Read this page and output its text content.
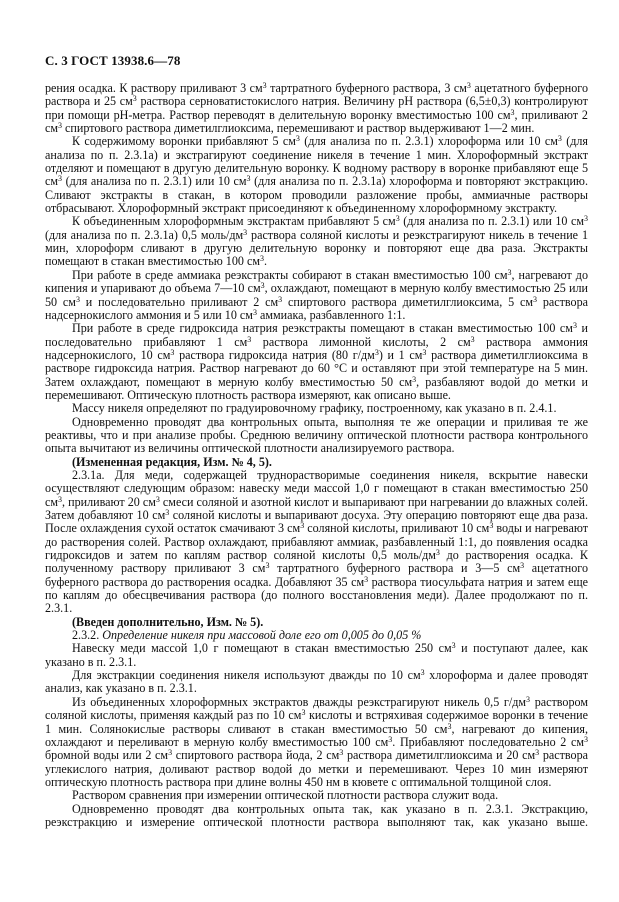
С. 3 ГОСТ 13938.6—78

рения осадка. К раствору приливают 3 $см^3$ тартратного буферного раствора, 3 $см^3$ ацетатного буферного раствора и 25 $см^3$ раствора серноватистокислого натрия. Величину pH раствора (6,5±0,3) контролируют при помощи pH-метра. Раствор переводят в делительную воронку вместимостью 100 $см^3$, приливают 2 $см^3$ спиртового раствора диметилглиоксима, перемешивают и раствор выдерживают 1—2 мин.

К содержимому воронки прибавляют 5 $см^3$ (для анализа по п. 2.3.1) хлороформа или 10 $см^3$ (для анализа по п. 2.3.1а) и экстрагируют соединение никеля в течение 1 мин. Хлороформный экстракт отделяют и помещают в другую делительную воронку. К водному раствору в воронке прибавляют еще 5 $см^3$ (для анализа по п. 2.3.1) или 10 $см^3$ (для анализа по п. 2.3.1а) хлороформа и повторяют экстракцию. Сливают экстракты в стакан, в котором проводили разложение пробы, аммиачные растворы отбрасывают. Хлороформный экстракт присоединяют к объединенному хлороформному экстракту.

К объединенным хлороформным экстрактам прибавляют 5 $см^3$ (для анализа по п. 2.3.1) или 10 $см^3$ (для анализа по п. 2.3.1а) 0,5 моль/$дм^3$ раствора соляной кислоты и реэкстрагируют никель в течение 1 мин, хлороформ сливают в другую делительную воронку и повторяют еще два раза. Экстракты помещают в стакан вместимостью 100 $см^3$.

При работе в среде аммиака реэкстракты собирают в стакан вместимостью 100 $см^3$, нагревают до кипения и упаривают до объема 7—10 $см^3$, охлаждают, помещают в мерную колбу вместимостью 25 или 50 $см^3$ и последовательно приливают 2 $см^3$ спиртового раствора диметилглиоксима, 5 $см^3$ раствора надсернокислого аммония и 5 или 10 $см^3$ аммиака, разбавленного 1:1.

При работе в среде гидроксида натрия реэкстракты помещают в стакан вместимостью 100 $см^3$ и последовательно прибавляют 1 $см^3$ раствора лимонной кислоты, 2 $см^3$ раствора аммония надсернокислого, 10 $см^3$ раствора гидроксида натрия (80 $г/дм^3$) и 1 $см^3$ раствора диметилглиоксима в растворе гидроксида натрия. Раствор нагревают до 60 °С и оставляют при этой температуре на 5 мин. Затем охлаждают, помещают в мерную колбу вместимостью 50 $см^3$, разбавляют водой до метки и перемешивают. Оптическую плотность раствора измеряют, как описано выше.

Массу никеля определяют по градуировочному графику, построенному, как указано в п. 2.4.1.

Одновременно проводят два контрольных опыта, выполняя те же операции и приливая те же реактивы, что и при анализе пробы. Среднюю величину оптической плотности раствора контрольного опыта вычитают из величины оптической плотности анализируемого раствора.

(Измененная редакция, Изм. № 4, 5).

2.3.1а. Для меди, содержащей труднорастворимые соединения никеля, вскрытие навески осуществляют следующим образом: навеску меди массой 1,0 г помещают в стакан вместимостью 250 $см^3$, приливают 20 $см^3$ смеси соляной и азотной кислот и выпаривают при нагревании до влажных солей. Затем добавляют 10 $см^3$ соляной кислоты и выпаривают досуха. Эту операцию повторяют еще два раза. После охлаждения сухой остаток смачивают 3 $см^3$ соляной кислоты, приливают 10 $см^3$ воды и нагревают до растворения солей. Раствор охлаждают, прибавляют аммиак, разбавленный 1:1, до появления осадка гидроксидов и затем по каплям раствор соляной кислоты 0,5 моль/$дм^3$ до растворения осадка. К полученному раствору приливают 3 $см^3$ тартратного буферного раствора и 3—5 $см^3$ ацетатного буферного раствора до растворения осадка. Добавляют 35 $см^3$ раствора тиосульфата натрия и затем еще по каплям до обесцвечивания раствора (до полного восстановления меди). Далее продолжают по п. 2.3.1.

(Введен дополнительно, Изм. № 5).

2.3.2. Определение никеля при массовой доле его от 0,005 до 0,05 %

Навеску меди массой 1,0 г помещают в стакан вместимостью 250 $см^3$ и поступают далее, как указано в п. 2.3.1.

Для экстракции соединения никеля используют дважды по 10 $см^3$ хлороформа и далее проводят анализ, как указано в п. 2.3.1.

Из объединенных хлороформных экстрактов дважды реэкстрагируют никель 0,5 $г/дм^3$ раствором соляной кислоты, применяя каждый раз по 10 $см^3$ кислоты и встряхивая содержимое воронки в течение 1 мин. Солянокислые растворы сливают в стакан вместимостью 50 $см^3$, нагревают до кипения, охлаждают и переливают в мерную колбу вместимостью 100 $см^3$. Прибавляют последовательно 2 $см^3$ бромной воды или 2 $см^3$ спиртового раствора йода, 2 $см^3$ раствора диметилглиоксима и 20 $см^3$ раствора углекислого натрия, доливают раствор водой до метки и перемешивают. Через 10 мин измеряют оптическую плотность раствора при длине волны 450 нм в кювете с оптимальной толщиной слоя.

Раствором сравнения при измерении оптической плотности раствора служит вода.

Одновременно проводят два контрольных опыта так, как указано в п. 2.3.1. Экстракцию, реэкстракцию и измерение оптической плотности раствора выполняют так, как указано выше.
